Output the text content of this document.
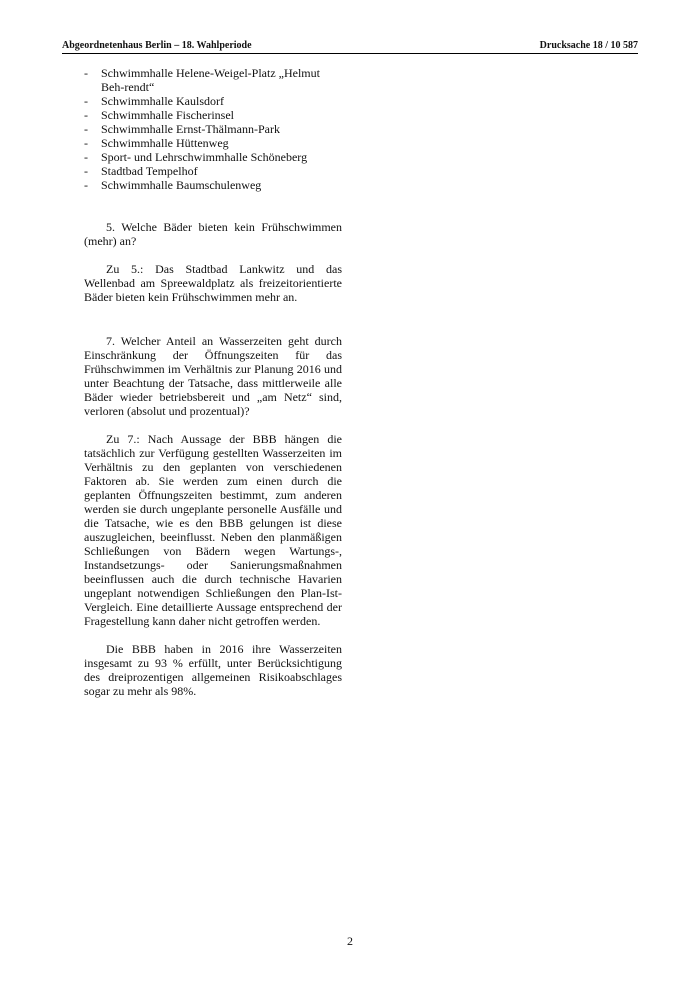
Abgeordnetenhaus Berlin – 18. Wahlperiode	Drucksache 18 / 10 587
- Schwimmhalle Helene-Weigel-Platz „Helmut Beh-rendt“
- Schwimmhalle Kaulsdorf
- Schwimmhalle Fischerinsel
- Schwimmhalle Ernst-Thälmann-Park
- Schwimmhalle Hüttenweg
- Sport- und Lehrschwimmhalle Schöneberg
- Stadtbad Tempelhof
- Schwimmhalle Baumschulenweg

5. Welche Bäder bieten kein Frühschwimmen (mehr) an?

Zu 5.: Das Stadtbad Lankwitz und das Wellenbad am Spreewaldplatz als freizeitorientierte Bäder bieten kein Frühschwimmen mehr an.

7. Welcher Anteil an Wasserzeiten geht durch Einschränkung der Öffnungszeiten für das Frühschwimmen im Verhältnis zur Planung 2016 und unter Beachtung der Tatsache, dass mittlerweile alle Bäder wieder betriebsbereit und „am Netz“ sind, verloren (absolut und prozentual)?

Zu 7.: Nach Aussage der BBB hängen die tatsächlich zur Verfügung gestellten Wasserzeiten im Verhältnis zu den geplanten von verschiedenen Faktoren ab. Sie werden zum einen durch die geplanten Öffnungszeiten bestimmt, zum anderen werden sie durch ungeplante personelle Ausfälle und die Tatsache, wie es den BBB gelungen ist diese auszugleichen, beeinflusst. Neben den planmäßigen Schließungen von Bädern wegen Wartungs-, Instandsetzungs- oder Sanierungsmaßnahmen beeinflussen auch die durch technische Havarien ungeplant notwendigen Schließungen den Plan-Ist-Vergleich. Eine detaillierte Aussage entsprechend der Fragestellung kann daher nicht getroffen werden.

Die BBB haben in 2016 ihre Wasserzeiten insgesamt zu 93 % erfüllt, unter Berücksichtigung des dreiprozentigen allgemeinen Risikoabschlages sogar zu mehr als 98%.

2
